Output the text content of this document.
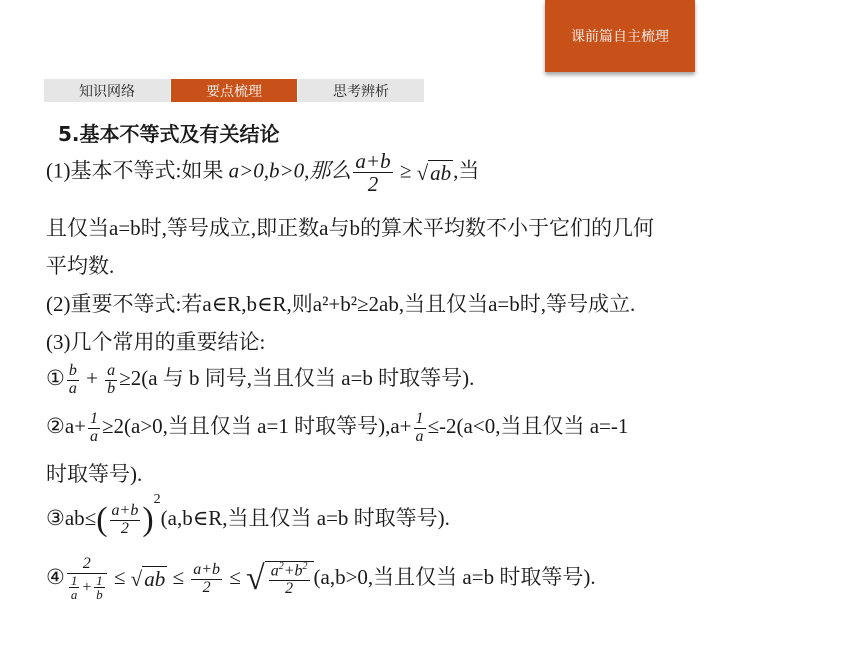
课前篇自主梳理
知识网络	要点梳理	思考辨析
5.基本不等式及有关结论
(1)基本不等式:如果 a>0,b>0,那么 $\frac{a+b}{2} \ge √ab$,当
且仅当a=b时,等号成立,即正数a与b的算术平均数不小于它们的几何
平均数.
(2)重要不等式:若a∈R,b∈R,则a²+b²≥2ab,当且仅当a=b时,等号成立.
(3)几个常用的重要结论:
① $\frac{b}{a} + \frac{a}{b} \ge 2(a$ 与 b 同号,当且仅当 a=b 时取等号).
②a+ $\frac{1}{a} \ge 2(a>0$,当且仅当 a=1 时取等号)$,a+ \frac{1}{a} \le-2(a<0$,当且仅当 a=-1
时取等号).
③ab≤( $\frac{a+b}{2}$ )$^2$(a,b∈R,当且仅当 a=b 时取等号).
④ $\frac{2}{\frac{1}{a} + \frac{1}{b}} \le √ab \le \frac{a+b}{2}$ ≤ √ $\frac{a^2+b^2}{2} (a,b>0$,当且仅当 a=b 时取等号).
